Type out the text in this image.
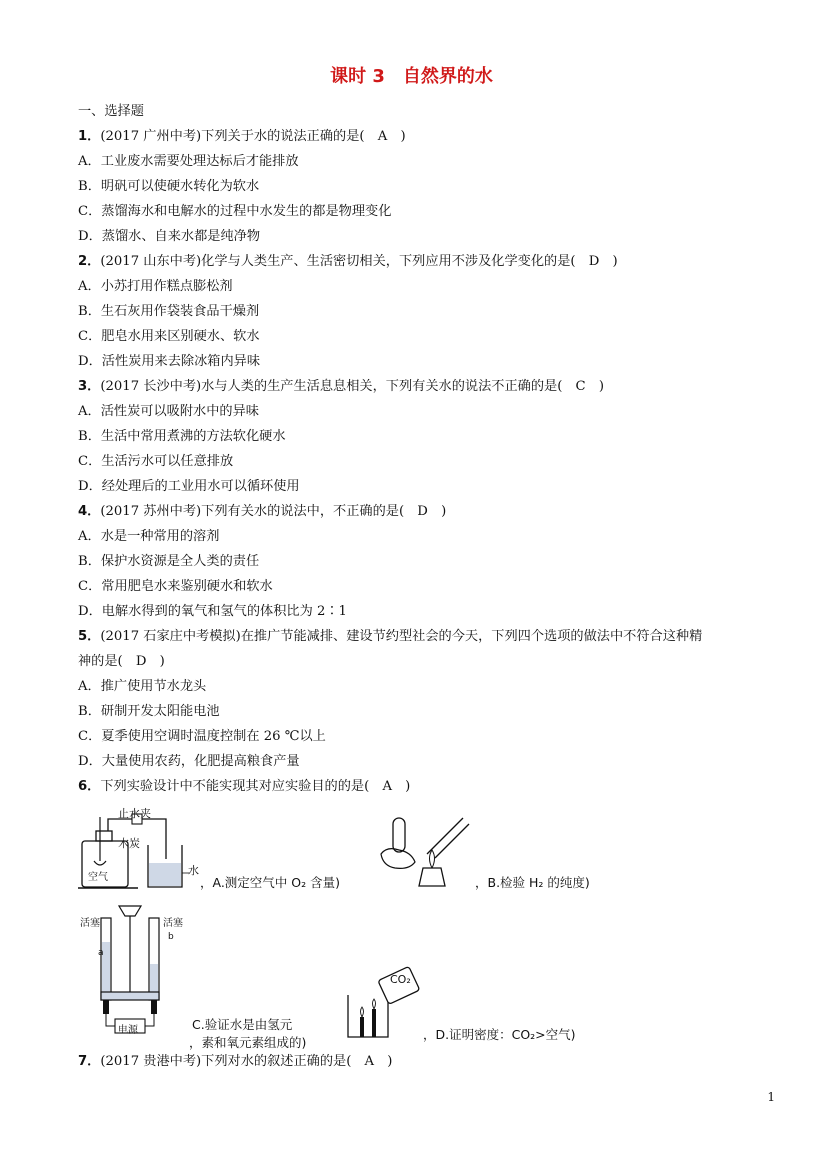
课时 3　自然界的水
一、选择题
1．(2017 广州中考)下列关于水的说法正确的是(　A　)
A．工业废水需要处理达标后才能排放
B．明矾可以使硬水转化为软水
C．蒸馏海水和电解水的过程中水发生的都是物理变化
D．蒸馏水、自来水都是纯净物
2．(2017 山东中考)化学与人类生产、生活密切相关，下列应用不涉及化学变化的是(　D　)
A．小苏打用作糕点膨松剂
B．生石灰用作袋装食品干燥剂
C．肥皂水用来区别硬水、软水
D．活性炭用来去除冰箱内异味
3．(2017 长沙中考)水与人类的生产生活息息相关，下列有关水的说法不正确的是(　C　)
A．活性炭可以吸附水中的异味
B．生活中常用煮沸的方法软化硬水
C．生活污水可以任意排放
D．经处理后的工业用水可以循环使用
4．(2017 苏州中考)下列有关水的说法中，不正确的是(　D　)
A．水是一种常用的溶剂
B．保护水资源是全人类的责任
C．常用肥皂水来鉴别硬水和软水
D．电解水得到的氧气和氢气的体积比为 2∶1
5．(2017 石家庄中考模拟)在推广节能减排、建设节约型社会的今天，下列四个选项的做法中不符合这种精
神的是(　D　)
A．推广使用节水龙头
B．研制开发太阳能电池
C．夏季使用空调时温度控制在 26 ℃以上
D．大量使用农药，化肥提高粮食产量
6．下列实验设计中不能实现其对应实验目的的是(　A　)
止水夹
木炭
水
空气	，A.测定空气中 O₂ 含量)	，B.检验 H₂ 的纯度)
活塞	活塞
a
b
电源	C.验证水是由氢元
，素和氧元素组成的)
CO₂
，D.证明密度：CO₂>空气)
7．(2017 贵港中考)下列对水的叙述正确的是(　A　)
1
